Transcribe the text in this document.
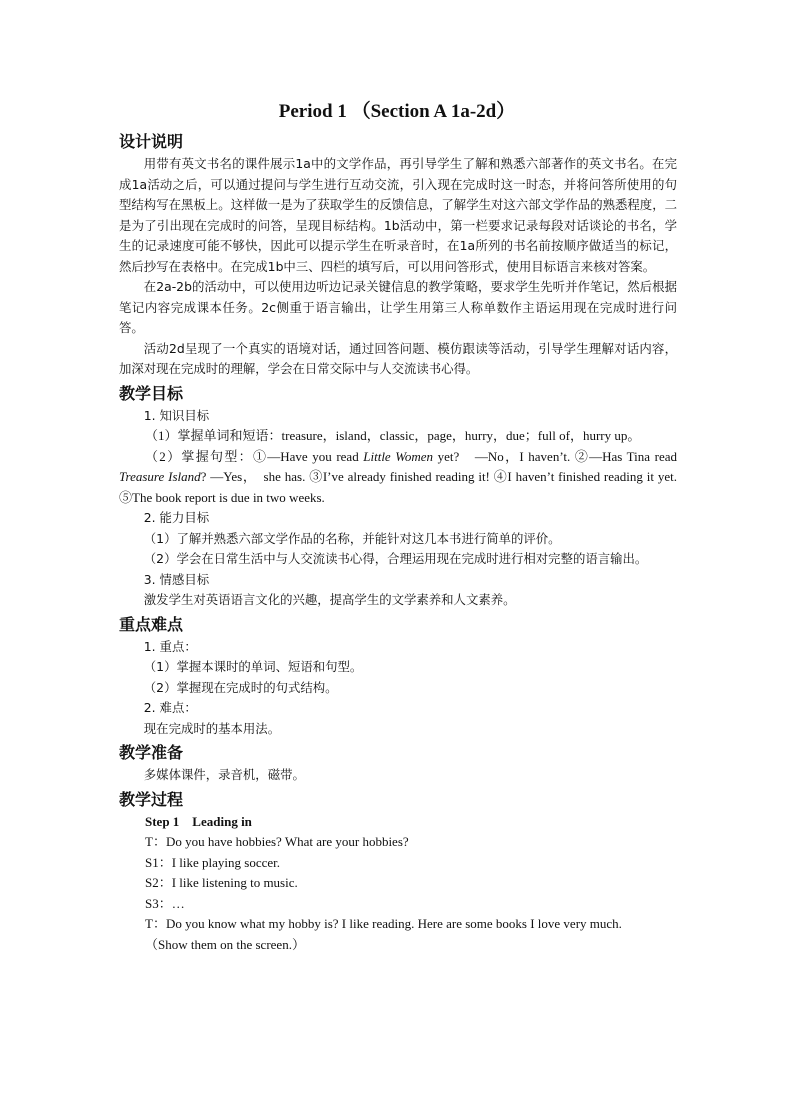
Period 1 （Section A 1a-2d）
设计说明

用带有英文书名的课件展示1a中的文学作品，再引导学生了解和熟悉六部著作的英文书名。在完成1a活动之后，可以通过提问与学生进行互动交流，引入现在完成时这一时态，并将问答所使用的句型结构写在黑板上。这样做一是为了获取学生的反馈信息，了解学生对这六部文学作品的熟悉程度，二是为了引出现在完成时的问答，呈现目标结构。1b活动中，第一栏要求记录每段对话谈论的书名，学生的记录速度可能不够快，因此可以提示学生在听录音时，在1a所列的书名前按顺序做适当的标记，然后抄写在表格中。在完成1b中三、四栏的填写后，可以用问答形式，使用目标语言来核对答案。

在2a-2b的活动中，可以使用边听边记录关键信息的教学策略，要求学生先听并作笔记，然后根据笔记内容完成课本任务。2c侧重于语言输出，让学生用第三人称单数作主语运用现在完成时进行问答。

活动2d呈现了一个真实的语境对话，通过回答问题、模仿跟读等活动，引导学生理解对话内容，加深对现在完成时的理解，学会在日常交际中与人交流读书心得。

教学目标

1. 知识目标

（1）掌握单词和短语：treasure，island，classic，page，hurry，due；full of，hurry up。

（2）掌握句型：①—Have you read Little Women yet?　—No，I haven’t. ②—Has Tina read Treasure Island? —Yes，　she has. ③I’ve already finished reading it! ④I haven’t finished reading it yet. ⑤The book report is due in two weeks.

2. 能力目标

（1）了解并熟悉六部文学作品的名称，并能针对这几本书进行简单的评价。

（2）学会在日常生活中与人交流读书心得，合理运用现在完成时进行相对完整的语言输出。

3. 情感目标

激发学生对英语语言文化的兴趣，提高学生的文学素养和人文素养。

重点难点

1. 重点：

（1）掌握本课时的单词、短语和句型。

（2）掌握现在完成时的句式结构。

2. 难点：

现在完成时的基本用法。

教学准备

多媒体课件，录音机，磁带。

教学过程

Step 1　Leading in

T：Do you have hobbies? What are your hobbies?

S1：I like playing soccer.

S2：I like listening to music.

S3：…

T：Do you know what my hobby is? I like reading. Here are some books I love very much.

（Show them on the screen.）
